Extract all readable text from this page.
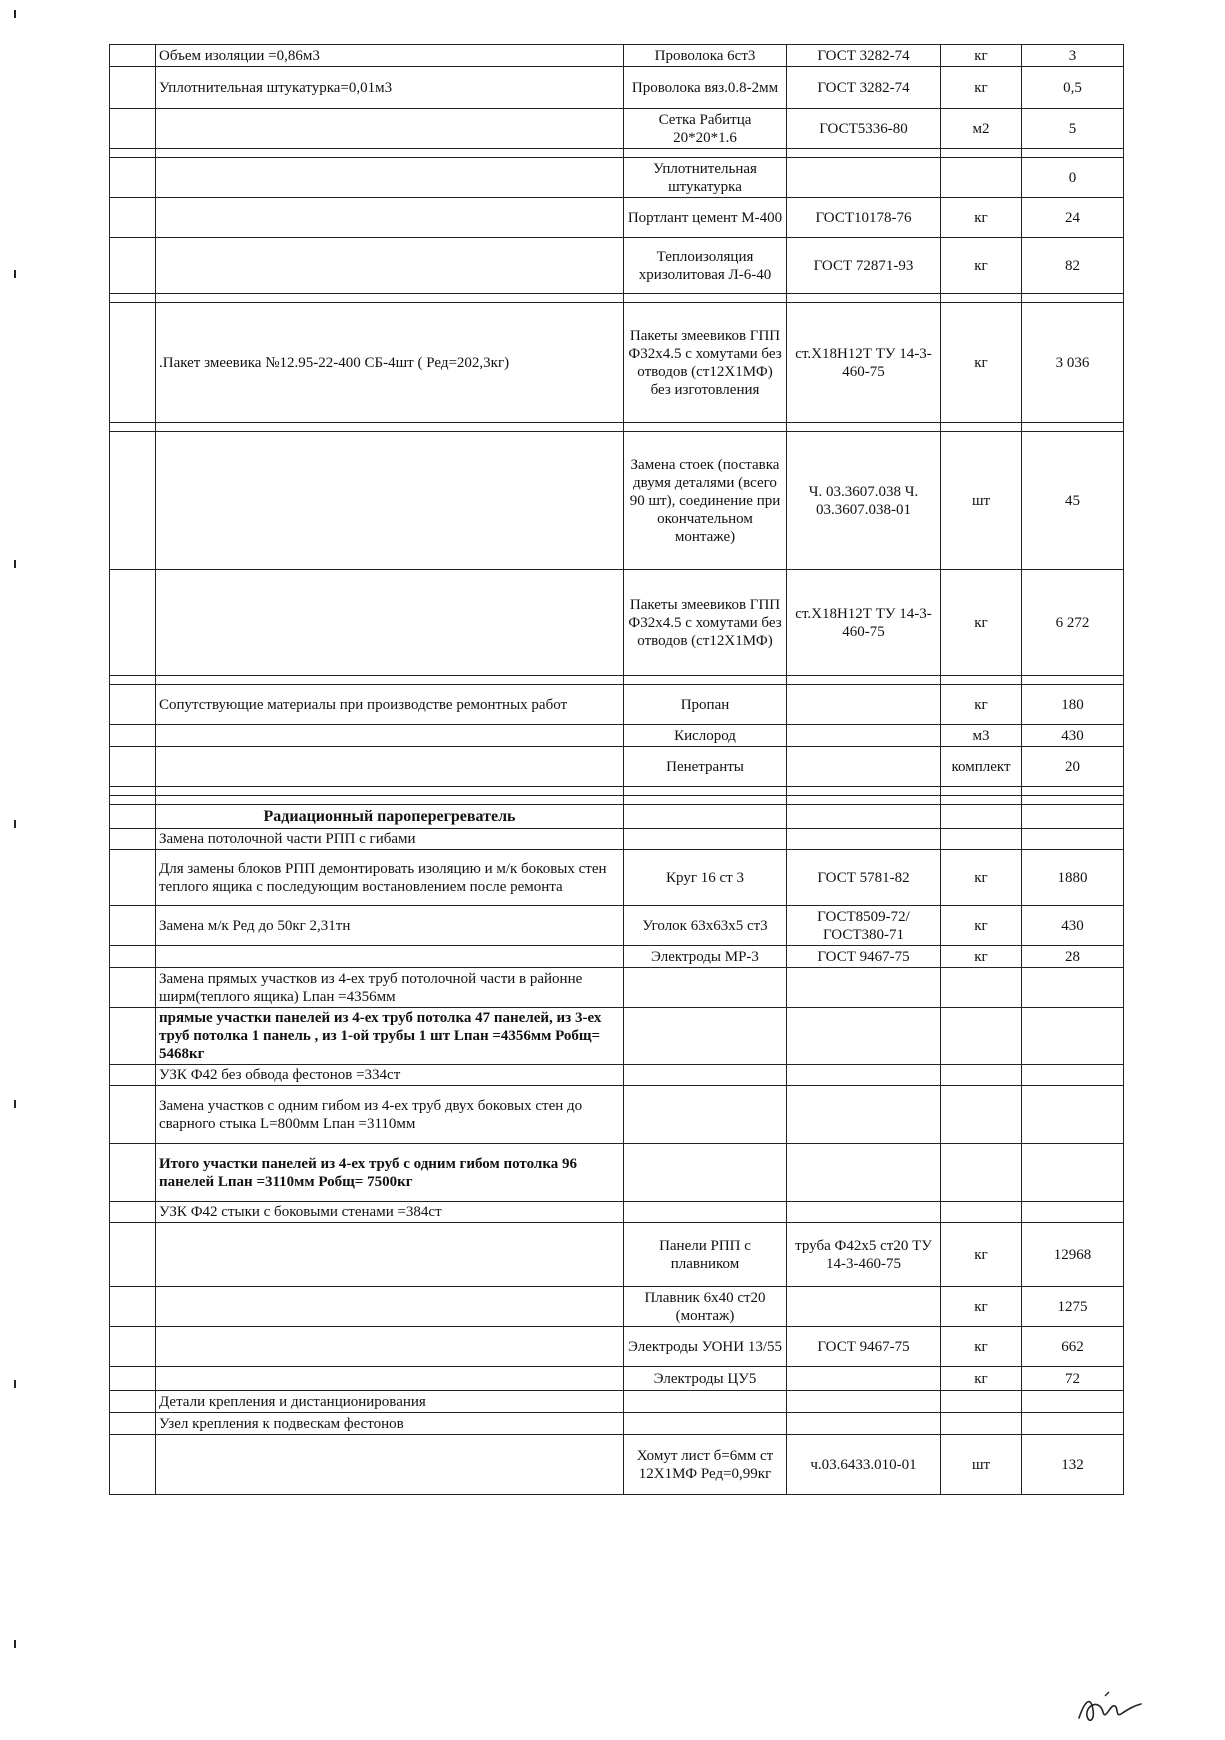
	Объем изоляции =0,86м3	Проволока 6ст3	ГОСТ 3282-74	кг	3
	Уплотнительная штукатурка=0,01м3	Проволока вяз.0.8-2мм	ГОСТ 3282-74	кг	0,5
		Сетка Рабитца 20*20*1.6	ГОСТ5336-80	м2	5

		Уплотнительная штукатурка			0
		Портлант цемент М-400	ГОСТ10178-76	кг	24
		Теплоизоляция хризолитовая Л-6-40	ГОСТ 72871-93	кг	82

	.Пакет змеевика №12.95-22-400 СБ-4шт ( Ред=202,3кг)	Пакеты змеевиков ГПП Ф32х4.5 с хомутами без отводов (ст12Х1МФ) без изготовления	ст.Х18Н12Т ТУ 14-3-460-75	кг	3 036

		Замена стоек (поставка двумя деталями (всего 90 шт), соединение при окончательном монтаже)	Ч. 03.3607.038 Ч. 03.3607.038-01	шт	45
		Пакеты змеевиков ГПП Ф32х4.5 с хомутами без отводов (ст12Х1МФ)	ст.Х18Н12Т ТУ 14-3-460-75	кг	6 272

	Сопутствующие материалы при производстве ремонтных работ	Пропан		кг	180
		Кислород		м3	430
		Пенетранты		комплект	20

	Радиационный пароперегреватель				
	Замена потолочной части РПП с гибами				
	Для замены блоков РПП демонтировать изоляцию и м/к боковых стен теплого ящика с последующим востановлением после ремонта	Круг 16 ст 3	ГОСТ 5781-82	кг	1880
	Замена м/к Ред до 50кг 2,31тн	Уголок 63х63х5 ст3	ГОСТ8509-72/ГОСТ380-71	кг	430
		Электроды МР-3	ГОСТ 9467-75	кг	28
	Замена прямых участков из 4-ех труб потолочной части в районне ширм(теплого ящика) Lпан =4356мм				
	прямые участки панелей из 4-ех труб потолка 47 панелей, из 3-ех труб потолка 1 панель , из 1-ой трубы 1 шт Lпан =4356мм Робщ= 5468кг				
	УЗК Ф42 без обвода фестонов =334ст				
	Замена участков с одним гибом из 4-ех труб двух боковых стен до сварного стыка L=800мм Lпан =3110мм				
	Итого участки панелей из 4-ех труб с одним гибом потолка 96 панелей Lпан =3110мм Робщ= 7500кг				
	УЗК Ф42 стыки с боковыми стенами =384ст				
		Панели РПП с плавником	труба Ф42х5 ст20 ТУ 14-3-460-75	кг	12968
		Плавник 6х40 ст20 (монтаж)		кг	1275
		Электроды УОНИ 13/55	ГОСТ 9467-75	кг	662
		Электроды ЦУ5		кг	72
	Детали крепления и дистанционирования				
	Узел крепления к подвескам фестонов				
		Хомут лист б=6мм ст 12Х1МФ Ред=0,99кг	ч.03.6433.010-01	шт	132
